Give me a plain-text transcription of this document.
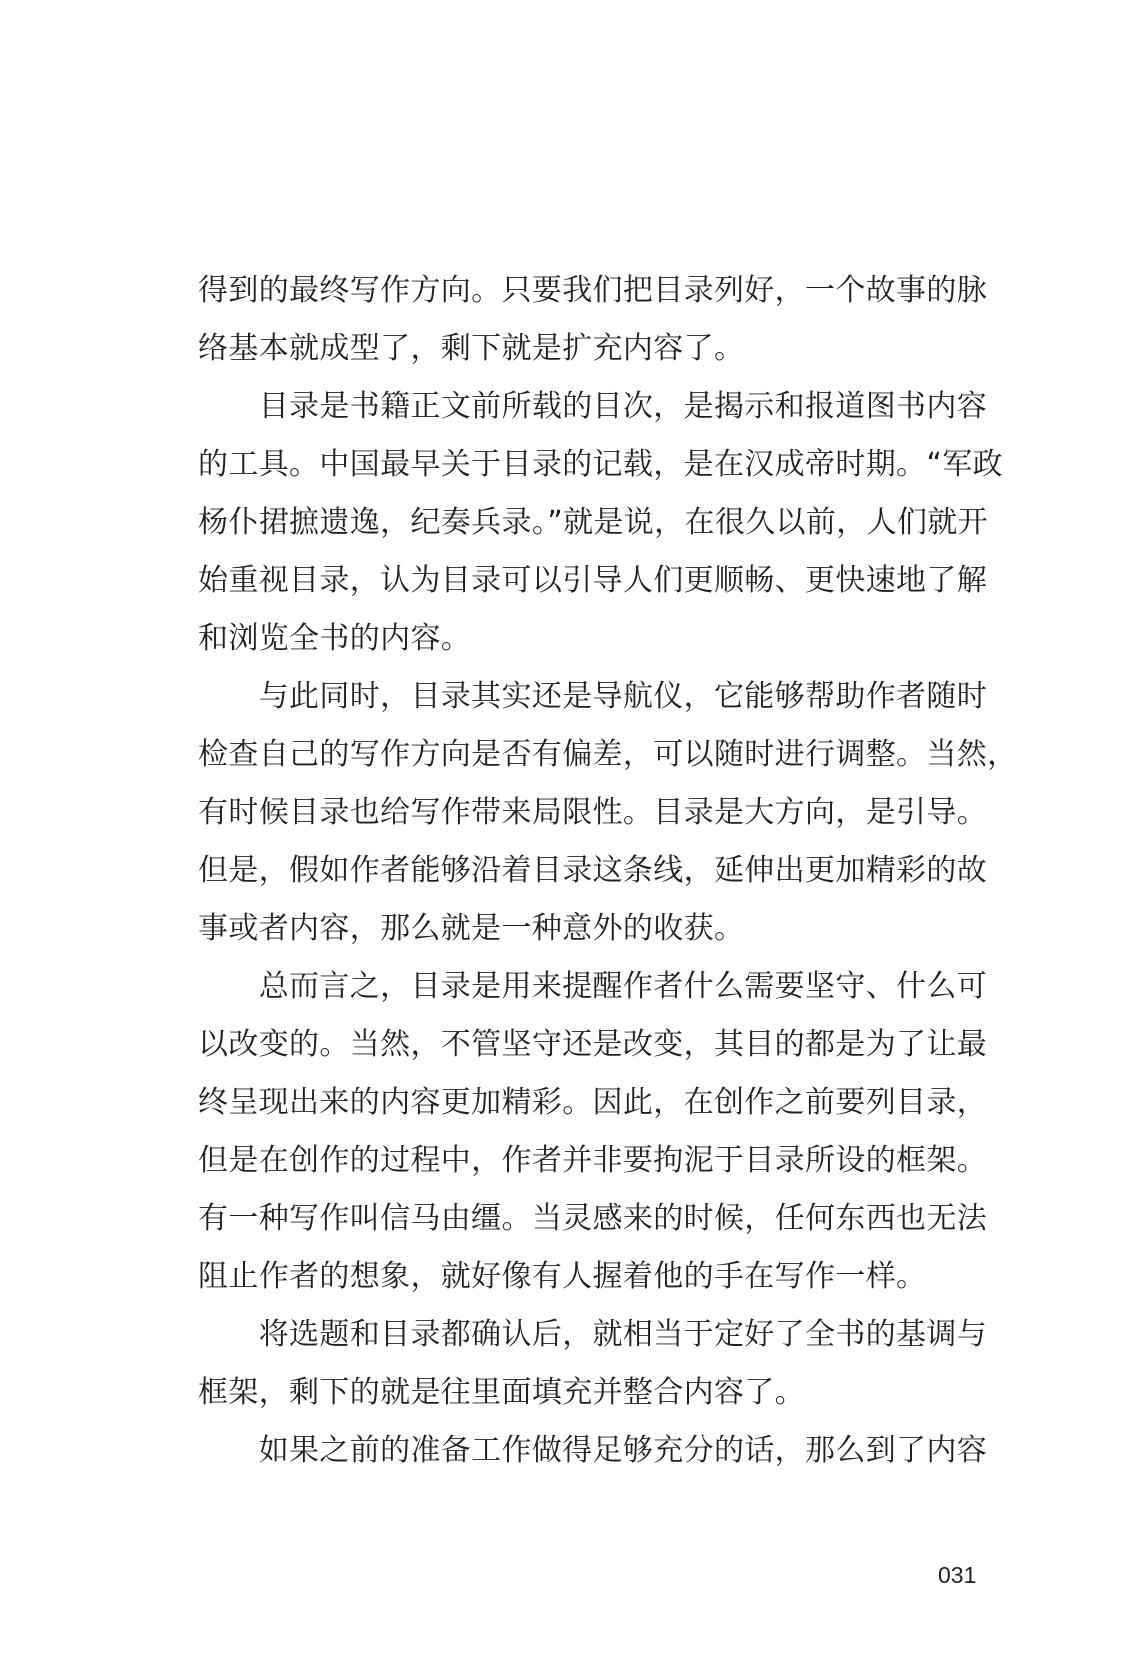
得到的最终写作方向。只要我们把目录列好，一个故事的脉
络基本就成型了，剩下就是扩充内容了。
　　目录是书籍正文前所载的目次，是揭示和报道图书内容
的工具。中国最早关于目录的记载，是在汉成帝时期。“军政
杨仆捃摭遗逸，纪奏兵录。”就是说，在很久以前，人们就开
始重视目录，认为目录可以引导人们更顺畅、更快速地了解
和浏览全书的内容。
　　与此同时，目录其实还是导航仪，它能够帮助作者随时
检查自己的写作方向是否有偏差，可以随时进行调整。当然，
有时候目录也给写作带来局限性。目录是大方向，是引导。
但是，假如作者能够沿着目录这条线，延伸出更加精彩的故
事或者内容，那么就是一种意外的收获。
　　总而言之，目录是用来提醒作者什么需要坚守、什么可
以改变的。当然，不管坚守还是改变，其目的都是为了让最
终呈现出来的内容更加精彩。因此，在创作之前要列目录，
但是在创作的过程中，作者并非要拘泥于目录所设的框架。
有一种写作叫信马由缰。当灵感来的时候，任何东西也无法
阻止作者的想象，就好像有人握着他的手在写作一样。
　　将选题和目录都确认后，就相当于定好了全书的基调与
框架，剩下的就是往里面填充并整合内容了。
　　如果之前的准备工作做得足够充分的话，那么到了内容
031
